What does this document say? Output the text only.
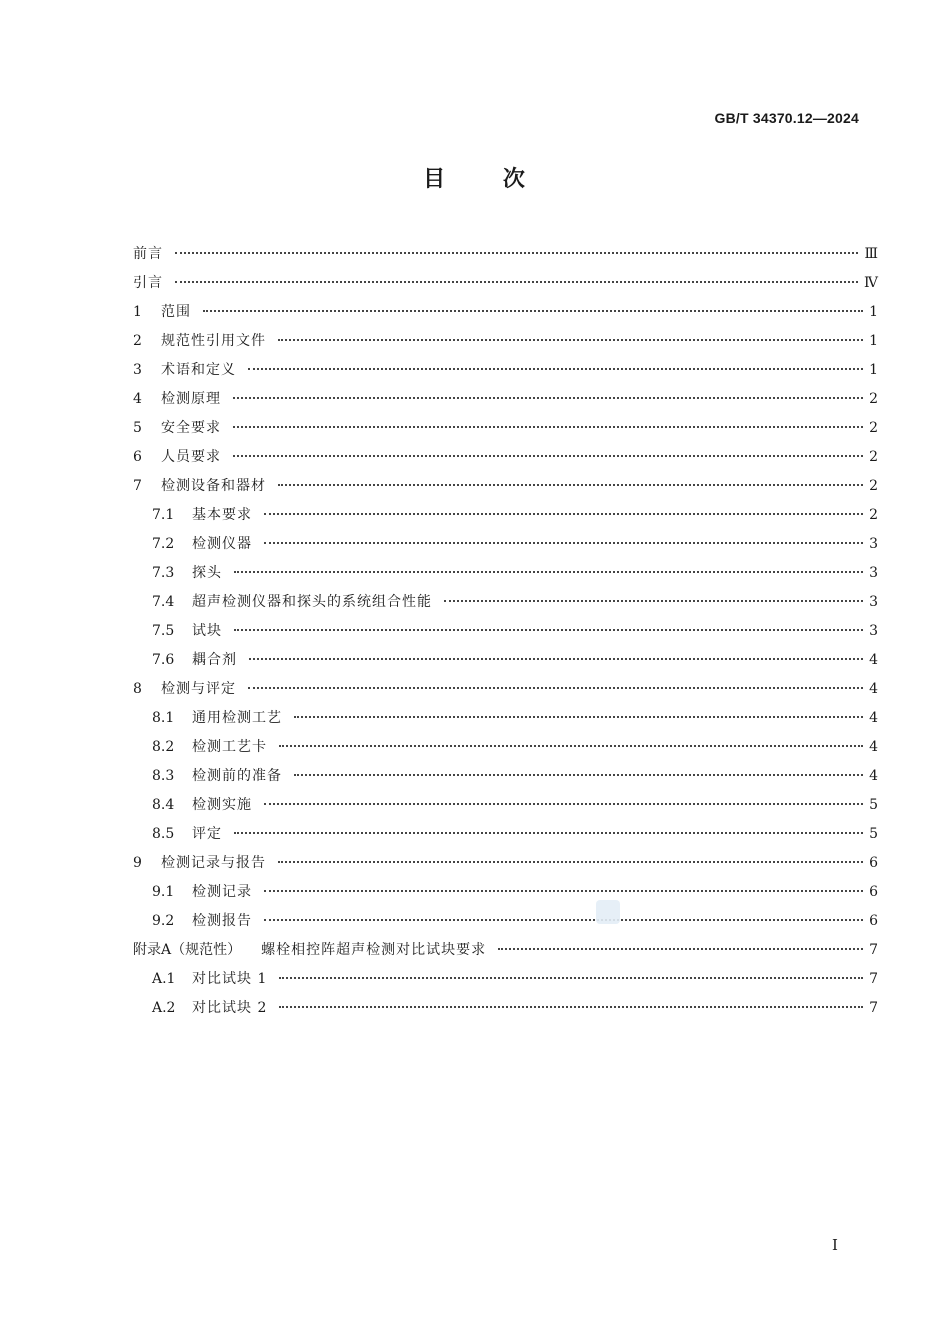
GB/T 34370.12—2024
目 次
前言	Ⅲ
引言	Ⅳ
1	范围	1
2	规范性引用文件	1
3	术语和定义	1
4	检测原理	2
5	安全要求	2
6	人员要求	2
7	检测设备和器材	2
7.1	基本要求	2
7.2	检测仪器	3
7.3	探头	3
7.4	超声检测仪器和探头的系统组合性能	3
7.5	试块	3
7.6	耦合剂	4
8	检测与评定	4
8.1	通用检测工艺	4
8.2	检测工艺卡	4
8.3	检测前的准备	4
8.4	检测实施	5
8.5	评定	5
9	检测记录与报告	6
9.1	检测记录	6
9.2	检测报告	6
附录A（规范性） 螺栓相控阵超声检测对比试块要求	7
A.1	对比试块 1	7
A.2	对比试块 2	7
Ⅰ
